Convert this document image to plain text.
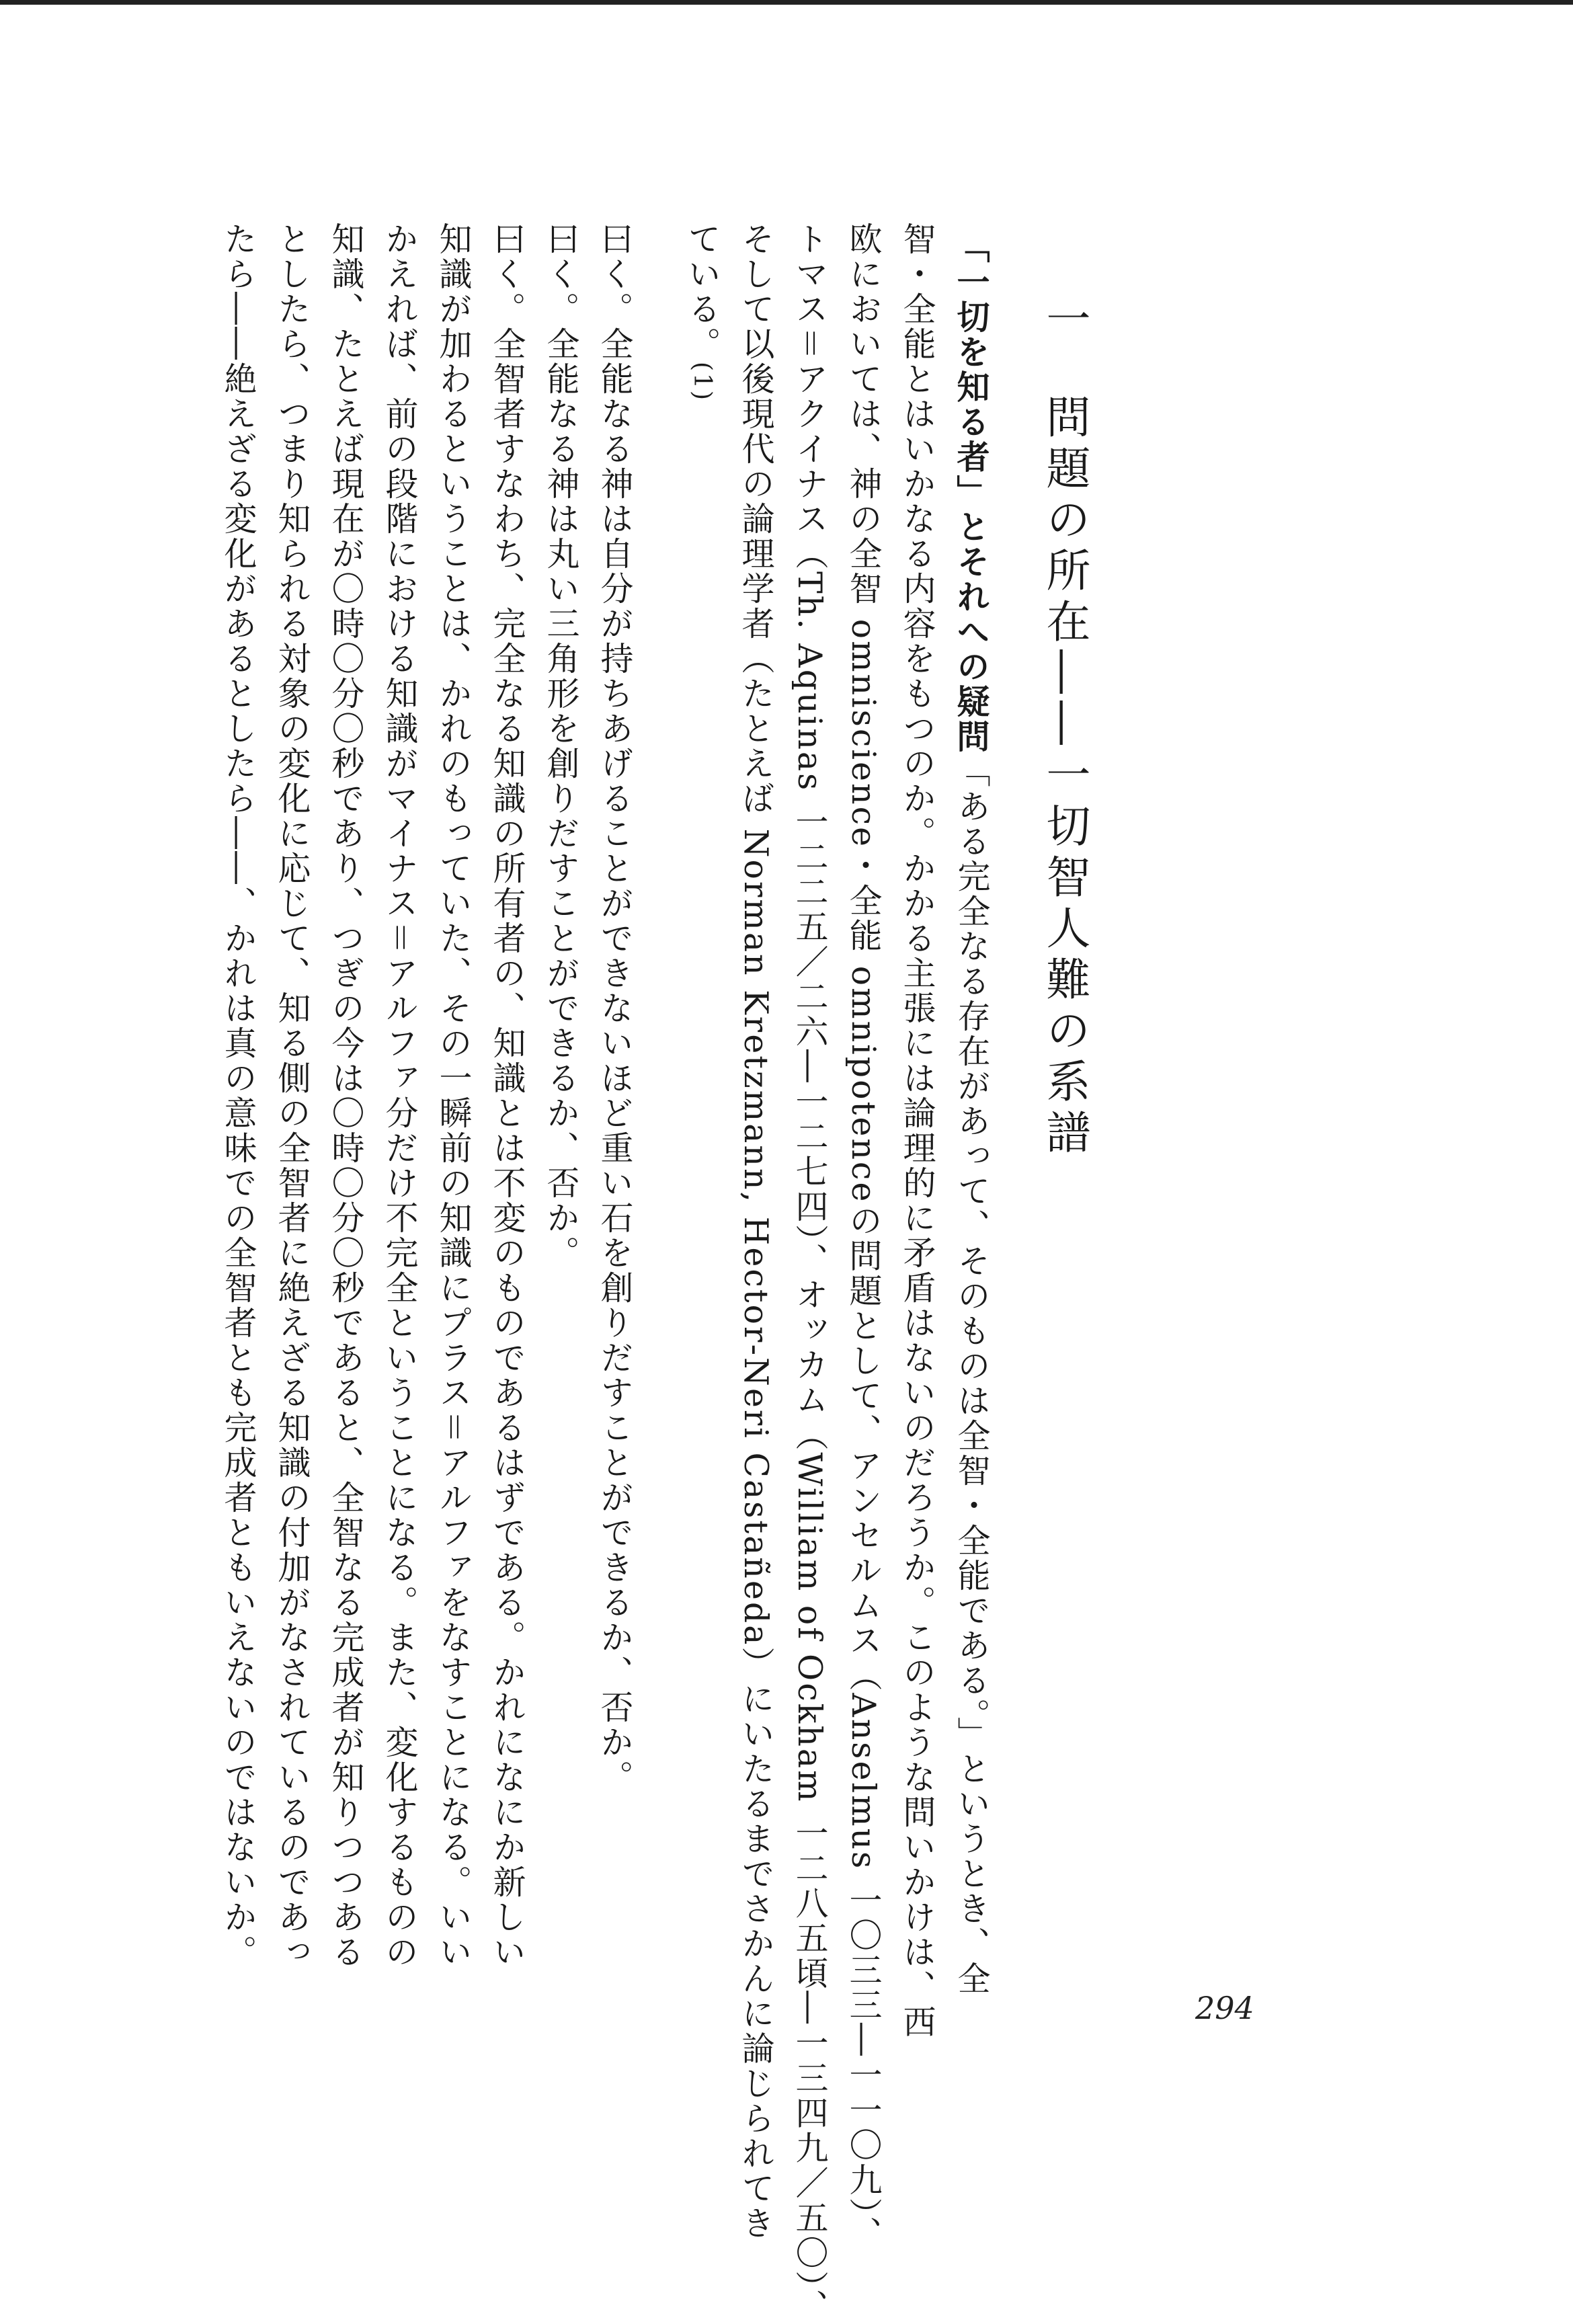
一問題の所在――一切智人難の系譜
「一切を知る者」とそれへの疑問「ある完全なる存在があって、そのものは全智・全能である。」というとき、全
智・全能とはいかなる内容をもつのか。かかる主張には論理的に矛盾はないのだろうか。このような問いかけは、西
欧においては、神の全智 omniscience・全能 omnipotenceの問題として、アンセルムス（Anselmus 一〇三三―一一〇九）、
トマス＝アクイナス（Th. Aquinas 一二二五／二六―一二七四）、オッカム（William of Ockham 一二八五頃―一三四九／五〇）、
そして以後現代の論理学者（たとえば Norman Kretzmann, Hector-Neri Castañeda）にいたるまでさかんに論じられてき
ている。(1)
曰く。全能なる神は自分が持ちあげることができないほど重い石を創りだすことができるか、否か。
曰く。全能なる神は丸い三角形を創りだすことができるか、否か。
曰く。全智者すなわち、完全なる知識の所有者の、知識とは不変のものであるはずである。かれになにか新しい
知識が加わるということは、かれのもっていた、その一瞬前の知識にプラス＝アルファをなすことになる。いい
かえれば、前の段階における知識がマイナス＝アルファ分だけ不完全ということになる。また、変化するものの
知識、たとえば現在が〇時〇分〇秒であり、つぎの今は〇時〇分〇秒であると、全智なる完成者が知りつつある
としたら、つまり知られる対象の変化に応じて、知る側の全智者に絶えざる知識の付加がなされているのであっ
たら――絶えざる変化があるとしたら――、かれは真の意味での全智者とも完成者ともいえないのではないか。
294
